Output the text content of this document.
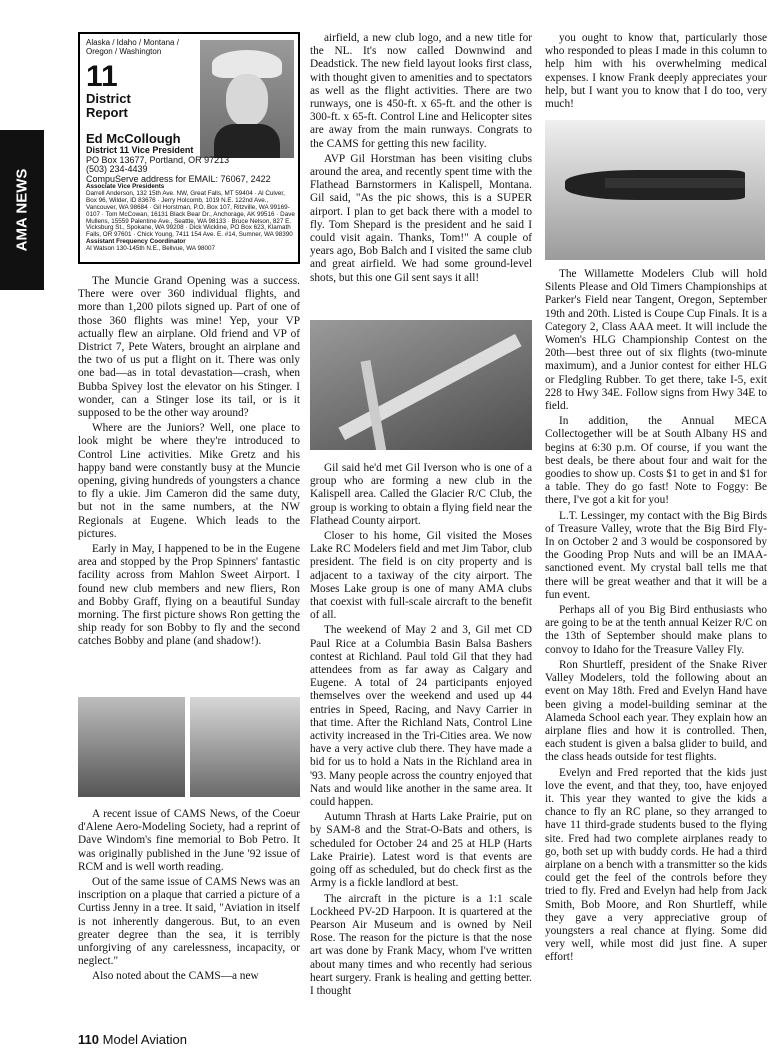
AMA NEWS
Alaska / Idaho / Montana / Oregon / Washington
11
District Report
Ed McCollough
District 11 Vice President
PO Box 13677, Portland, OR 97213
(503) 234-4439
CompuServe address for EMAIL: 76067, 2422
Associate Vice Presidents
Darrell Anderson, 132 15th Ave. NW, Great Falls, MT 59404 · Al Culver, Box 96, Wilder, ID 83676 · Jerry Holcomb, 1019 N.E. 122nd Ave., Vancouver, WA 98684 · Gil Horstman, P.O. Box 107, Ritzville, WA 99169-0107 · Tom McCowan, 16131 Black Bear Dr., Anchorage, AK 99516 · Dave Mullens, 15559 Palentine Ave., Seattle, WA 98133 · Bruce Nelson, 827 E. Vicksburg St., Spokane, WA 99208 · Dick Wickline, PO Box 623, Klamath Falls, OR 97601 · Chick Young, 7411 154 Ave. E. #14, Sumner, WA 98390
Assistant Frequency Coordinator
Al Watson 130-145th N.E., Bellvue, WA 98007

The Muncie Grand Opening was a success. There were over 360 individual flights, and more than 1,200 pilots signed up. Part of one of those 360 flights was mine! Yep, your VP actually flew an airplane. Old friend and VP of District 7, Pete Waters, brought an airplane and the two of us put a flight on it. There was only one bad—as in total devastation—crash, when Bubba Spivey lost the elevator on his Stinger. I wonder, can a Stinger lose its tail, or is it supposed to be the other way around?

Where are the Juniors? Well, one place to look might be where they're introduced to Control Line activities. Mike Gretz and his happy band were constantly busy at the Muncie opening, giving hundreds of youngsters a chance to fly a ukie. Jim Cameron did the same duty, but not in the same numbers, at the NW Regionals at Eugene. Which leads to the pictures.

Early in May, I happened to be in the Eugene area and stopped by the Prop Spinners' fantastic facility across from Mahlon Sweet Airport. I found new club members and new fliers, Ron and Bobby Graff, flying on a beautiful Sunday morning. The first picture shows Ron getting the ship ready for son Bobby to fly and the second catches Bobby and plane (and shadow!).

A recent issue of CAMS News, of the Coeur d'Alene Aero-Modeling Society, had a reprint of Dave Windom's fine memorial to Bob Petro. It was originally published in the June '92 issue of RCM and is well worth reading.

Out of the same issue of CAMS News was an inscription on a plaque that carried a picture of a Curtiss Jenny in a tree. It said, "Aviation in itself is not inherently dangerous. But, to an even greater degree than the sea, it is terribly unforgiving of any carelessness, incapacity, or neglect."

Also noted about the CAMS—a new

airfield, a new club logo, and a new title for the NL. It's now called Downwind and Deadstick. The new field layout looks first class, with thought given to amenities and to spectators as well as the flight activities. There are two runways, one is 450-ft. x 65-ft. and the other is 300-ft. x 65-ft. Control Line and Helicopter sites are away from the main runways. Congrats to the CAMS for getting this new facility.

AVP Gil Horstman has been visiting clubs around the area, and recently spent time with the Flathead Barnstormers in Kalispell, Montana. Gil said, "As the pic shows, this is a SUPER airport. I plan to get back there with a model to fly. Tom Shepard is the president and he said I could visit again. Thanks, Tom!" A couple of years ago, Bob Balch and I visited the same club and great airfield. We had some ground-level shots, but this one Gil sent says it all!

Gil said he'd met Gil Iverson who is one of a group who are forming a new club in the Kalispell area. Called the Glacier R/C Club, the group is working to obtain a flying field near the Flathead County airport.

Closer to his home, Gil visited the Moses Lake RC Modelers field and met Jim Tabor, club president. The field is on city property and is adjacent to a taxiway of the city airport. The Moses Lake group is one of many AMA clubs that coexist with full-scale aircraft to the benefit of all.

The weekend of May 2 and 3, Gil met CD Paul Rice at a Columbia Basin Balsa Bashers contest at Richland. Paul told Gil that they had attendees from as far away as Calgary and Eugene. A total of 24 participants enjoyed themselves over the weekend and used up 44 entries in Speed, Racing, and Navy Carrier in that time. After the Richland Nats, Control Line activity increased in the Tri-Cities area. We now have a very active club there. They have made a bid for us to hold a Nats in the Richland area in '93. Many people across the country enjoyed that Nats and would like another in the same area. It could happen.

Autumn Thrash at Harts Lake Prairie, put on by SAM-8 and the Strat-O-Bats and others, is scheduled for October 24 and 25 at HLP (Harts Lake Prairie). Latest word is that events are going off as scheduled, but do check first as the Army is a fickle landlord at best.

The aircraft in the picture is a 1:1 scale Lockheed PV-2D Harpoon. It is quartered at the Pearson Air Museum and is owned by Neil Rose. The reason for the picture is that the nose art was done by Frank Macy, whom I've written about many times and who recently had serious heart surgery. Frank is healing and getting better. I thought

you ought to know that, particularly those who responded to pleas I made in this column to help him with his overwhelming medical expenses. I know Frank deeply appreciates your help, but I want you to know that I do too, very much!

The Willamette Modelers Club will hold Silents Please and Old Timers Championships at Parker's Field near Tangent, Oregon, September 19th and 20th. Listed is Coupe Cup Finals. It is a Category 2, Class AAA meet. It will include the Women's HLG Championship Contest on the 20th—best three out of six flights (two-minute maximum), and a Junior contest for either HLG or Fledgling Rubber. To get there, take I-5, exit 228 to Hwy 34E. Follow signs from Hwy 34E to field.

In addition, the Annual MECA Collectogether will be at South Albany HS and begins at 6:30 p.m. Of course, if you want the best deals, be there about four and wait for the goodies to show up. Costs $1 to get in and $1 for a table. They do go fast! Note to Foggy: Be there, I've got a kit for you!

L.T. Lessinger, my contact with the Big Birds of Treasure Valley, wrote that the Big Bird Fly-In on October 2 and 3 would be cosponsored by the Gooding Prop Nuts and will be an IMAA-sanctioned event. My crystal ball tells me that there will be great weather and that it will be a fun event.

Perhaps all of you Big Bird enthusiasts who are going to be at the tenth annual Keizer R/C on the 13th of September should make plans to convoy to Idaho for the Treasure Valley Fly.

Ron Shurtleff, president of the Snake River Valley Modelers, told the following about an event on May 18th. Fred and Evelyn Hand have been giving a model-building seminar at the Alameda School each year. They explain how an airplane flies and how it is controlled. Then, each student is given a balsa glider to build, and the class heads outside for test flights.

Evelyn and Fred reported that the kids just love the event, and that they, too, have enjoyed it. This year they wanted to give the kids a chance to fly an RC plane, so they arranged to have 11 third-grade students bused to the flying site. Fred had two complete airplanes ready to go, both set up with buddy cords. He had a third airplane on a bench with a transmitter so the kids could get the feel of the controls before they tried to fly. Fred and Evelyn had help from Jack Smith, Bob Moore, and Ron Shurtleff, while they gave a very appreciative group of youngsters a real chance at flying. Some did very well, while most did just fine. A super effort!

110 Model Aviation
